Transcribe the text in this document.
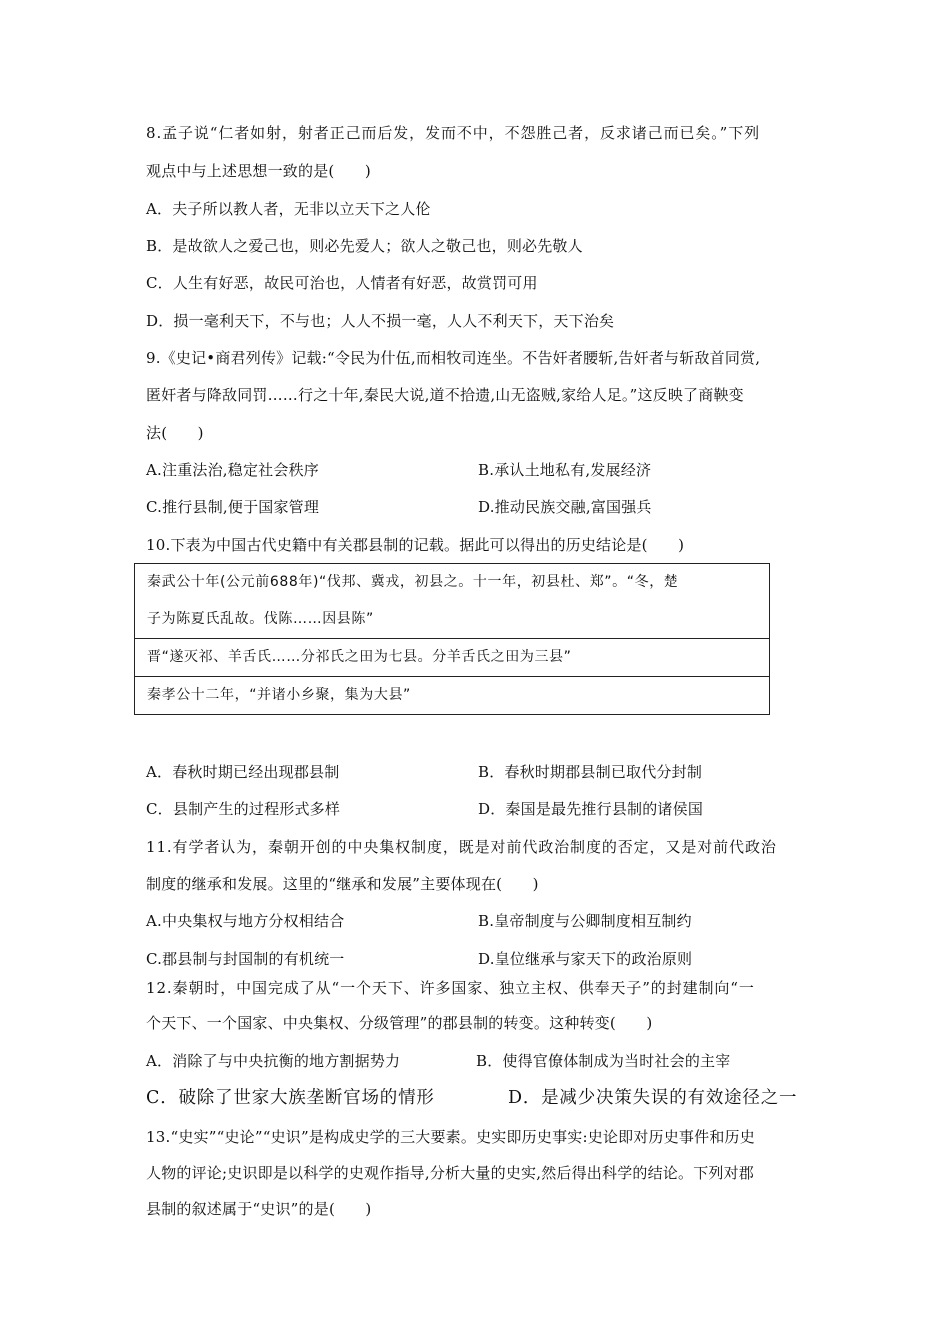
8.孟子说“仁者如射，射者正己而后发，发而不中，不怨胜己者，反求诸己而已矣。”下列
观点中与上述思想一致的是(　　)
A．夫子所以教人者，无非以立天下之人伦
B．是故欲人之爱己也，则必先爱人；欲人之敬己也，则必先敬人
C．人生有好恶，故民可治也，人情者有好恶，故赏罚可用
D．损一毫利天下，不与也；人人不损一毫，人人不利天下，天下治矣
9.《史记•商君列传》记载:“令民为什伍,而相牧司连坐。不告奸者腰斩,告奸者与斩敌首同赏,
匿奸者与降敌同罚……行之十年,秦民大说,道不拾遗,山无盗贼,家给人足。”这反映了商鞅变
法(　　)
A.注重法治,稳定社会秩序	B.承认土地私有,发展经济
C.推行县制,便于国家管理	D.推动民族交融,富国强兵
10.下表为中国古代史籍中有关郡县制的记载。据此可以得出的历史结论是(　　)
秦武公十年(公元前688年)“伐邦、冀戎，初县之。十一年，初县杜、郑”。“冬，楚
子为陈夏氏乱故。伐陈……因县陈”

晋“遂灭祁、羊舌氏……分祁氏之田为七县。分羊舌氏之田为三县”
秦孝公十二年，“并诸小乡聚，集为大县”
A．春秋时期已经出现郡县制	B．春秋时期郡县制已取代分封制
C．县制产生的过程形式多样	D．秦国是最先推行县制的诸侯国
11.有学者认为，秦朝开创的中央集权制度，既是对前代政治制度的否定，又是对前代政治
制度的继承和发展。这里的“继承和发展”主要体现在(　　)
A.中央集权与地方分权相结合	B.皇帝制度与公卿制度相互制约
C.郡县制与封国制的有机统一	D.皇位继承与家天下的政治原则
12.秦朝时，中国完成了从“一个天下、许多国家、独立主权、供奉天子”的封建制向“一
个天下、一个国家、中央集权、分级管理”的郡县制的转变。这种转变(　　)
A．消除了与中央抗衡的地方割据势力	B．使得官僚体制成为当时社会的主宰
C．破除了世家大族垄断官场的情形	D．是减少决策失误的有效途径之一
13.“史实”“史论”“史识”是构成史学的三大要素。史实即历史事实:史论即对历史事件和历史
人物的评论;史识即是以科学的史观作指导,分析大量的史实,然后得出科学的结论。下列对郡
县制的叙述属于“史识”的是(　　)
